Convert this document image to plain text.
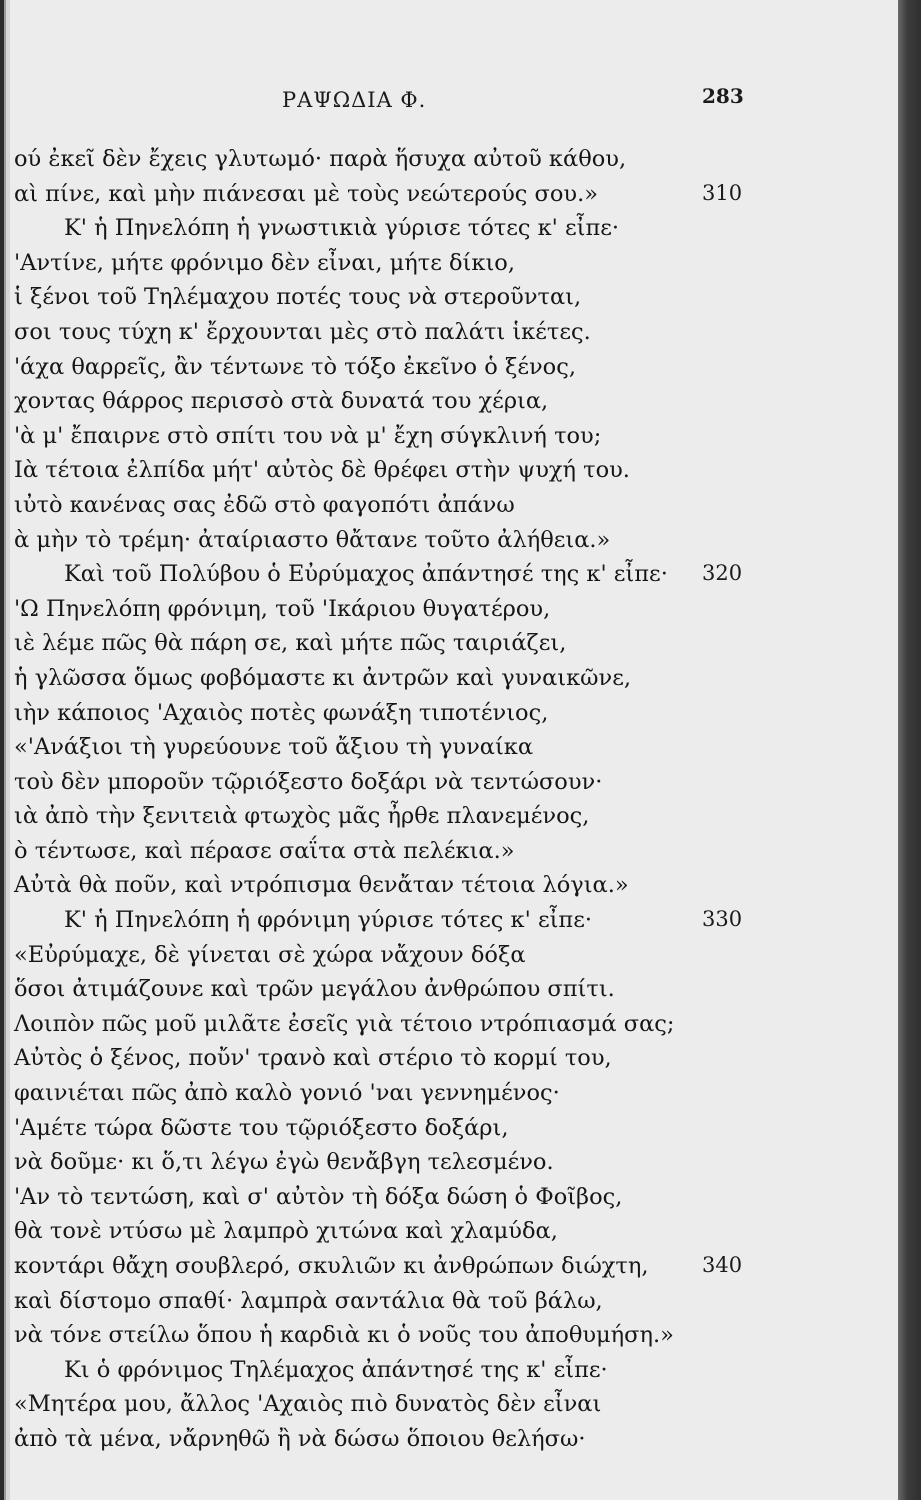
ΡΑΨΩΔΙΑ Φ.	283
ού ἐκεῖ δὲν ἔχεις γλυτωμό· παρὰ ἥσυχα αὐτοῦ κάθου,
αὶ πίνε, καὶ μὴν πιάνεσαι μὲ τοὺς νεώτερούς σου.»
Κ' ἡ Πηνελόπη ἡ γνωστικιὰ γύρισε τότες κ' εἶπε·
'Αντίνε, μήτε φρόνιμο δὲν εἶναι, μήτε δίκιο,
ἱ ξένοι τοῦ Τηλέμαχου ποτές τους νὰ στεροῦνται,
σοι τους τύχη κ' ἔρχουνται μὲς στὸ παλάτι ἱκέτες.
'άχα θαρρεῖς, ἂν τέντωνε τὸ τόξο ἐκεῖνο ὁ ξένος,
χοντας θάρρος περισσὸ στὰ δυνατά του χέρια,
'ὰ μ' ἔπαιρνε στὸ σπίτι του νὰ μ' ἔχη σύγκλινή του;
Ιὰ τέτοια ἐλπίδα μήτ' αὐτὸς δὲ θρέφει στὴν ψυχή του.
ιὐτὸ κανένας σας ἐδῶ στὸ φαγοπότι ἀπάνω
ὰ μὴν τὸ τρέμη· ἀταίριαστο θἄτανε τοῦτο ἀλήθεια.»
Καὶ τοῦ Πολύβου ὁ Εὐρύμαχος ἀπάντησέ της κ' εἶπε·
'Ω Πηνελόπη φρόνιμη, τοῦ 'Ικάριου θυγατέρου,
ιὲ λέμε πῶς θὰ πάρη σε, καὶ μήτε πῶς ταιριάζει,
ἡ γλῶσσα ὅμως φοβόμαστε κι ἀντρῶν καὶ γυναικῶνε,
ιὴν κάποιος 'Αχαιὸς ποτὲς φωνάξη τιποτένιος,
«'Ανάξιοι τὴ γυρεύουνε τοῦ ἄξιου τὴ γυναίκα
τοὺ δὲν μποροῦν τῷριόξεστο δοξάρι νὰ τεντώσουν·
ιὰ ἀπὸ τὴν ξενιτειὰ φτωχὸς μᾶς ἦρθε πλανεμένος,
ὸ τέντωσε, καὶ πέρασε σαΐτα στὰ πελέκια.»
Αὐτὰ θὰ ποῦν, καὶ ντρόπισμα θενἄταν τέτοια λόγια.»
Κ' ἡ Πηνελόπη ἡ φρόνιμη γύρισε τότες κ' εἶπε·
«Εὐρύμαχε, δὲ γίνεται σὲ χώρα νἄχουν δόξα
ὅσοι ἀτιμάζουνε καὶ τρῶν μεγάλου ἀνθρώπου σπίτι.
Λοιπὸν πῶς μοῦ μιλᾶτε ἐσεῖς γιὰ τέτοιο ντρόπιασμά σας;
Αὐτὸς ὁ ξένος, ποὔν' τρανὸ καὶ στέριο τὸ κορμί του,
φαινιέται πῶς ἀπὸ καλὸ γονιό 'ναι γεννημένος·
'Αμέτε τώρα δῶστε του τῷριόξεστο δοξάρι,
νὰ δοῦμε· κι ὅ,τι λέγω ἐγὼ θενἄβγη τελεσμένο.
'Αν τὸ τεντώση, καὶ σ' αὐτὸν τὴ δόξα δώση ὁ Φοῖβος,
θὰ τονὲ ντύσω μὲ λαμπρὸ χιτώνα καὶ χλαμύδα,
κοντάρι θἄχη σουβλερό, σκυλιῶν κι ἀνθρώπων διώχτη,
καὶ δίστομο σπαθί· λαμπρὰ σαντάλια θὰ τοῦ βάλω,
νὰ τόνε στείλω ὅπου ἡ καρδιὰ κι ὁ νοῦς του ἀποθυμήση.»
Κι ὁ φρόνιμος Τηλέμαχος ἀπάντησέ της κ' εἶπε·
«Μητέρα μου, ἄλλος 'Αχαιὸς πιὸ δυνατὸς δὲν εἶναι
ἀπὸ τὰ μένα, νἄρνηθῶ ἢ νὰ δώσω ὅποιου θελήσω·
310
320
330
340
